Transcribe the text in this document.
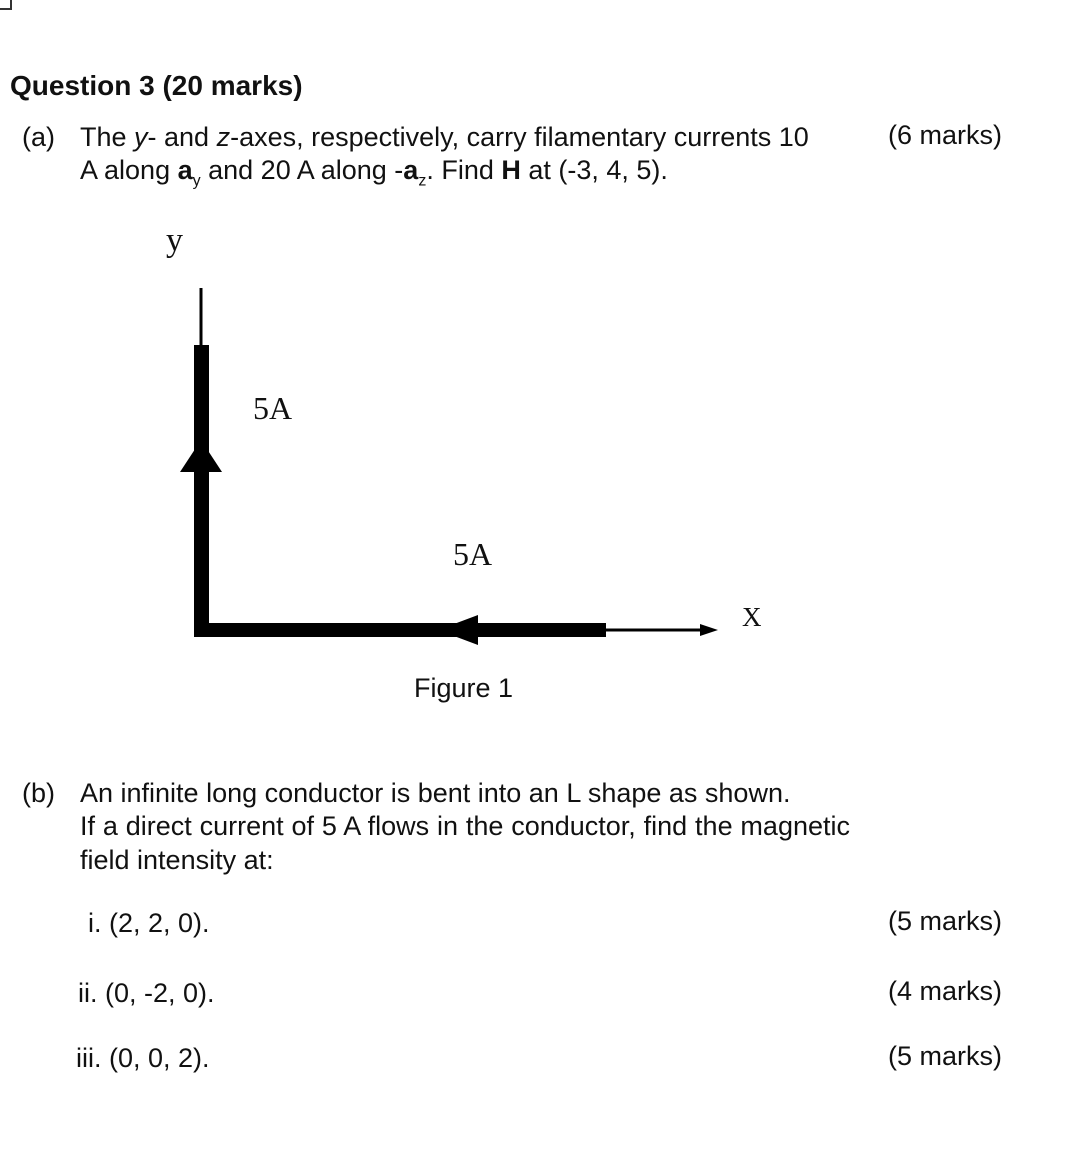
Question 3 (20 marks)
(a) The y- and z-axes, respectively, carry filamentary currents 10
A along $a_y$ and 20 A along $-a_z$. Find H at (-3, 4, 5).
(6 marks)
y
5A
5A
X
Figure 1
(b) An infinite long conductor is bent into an L shape as shown.
If a direct current of 5 A flows in the conductor, find the magnetic field intensity at:
i. (2, 2, 0).	(5 marks)
ii. (0, -2, 0).	(4 marks)
iii. (0, 0, 2).	(5 marks)
